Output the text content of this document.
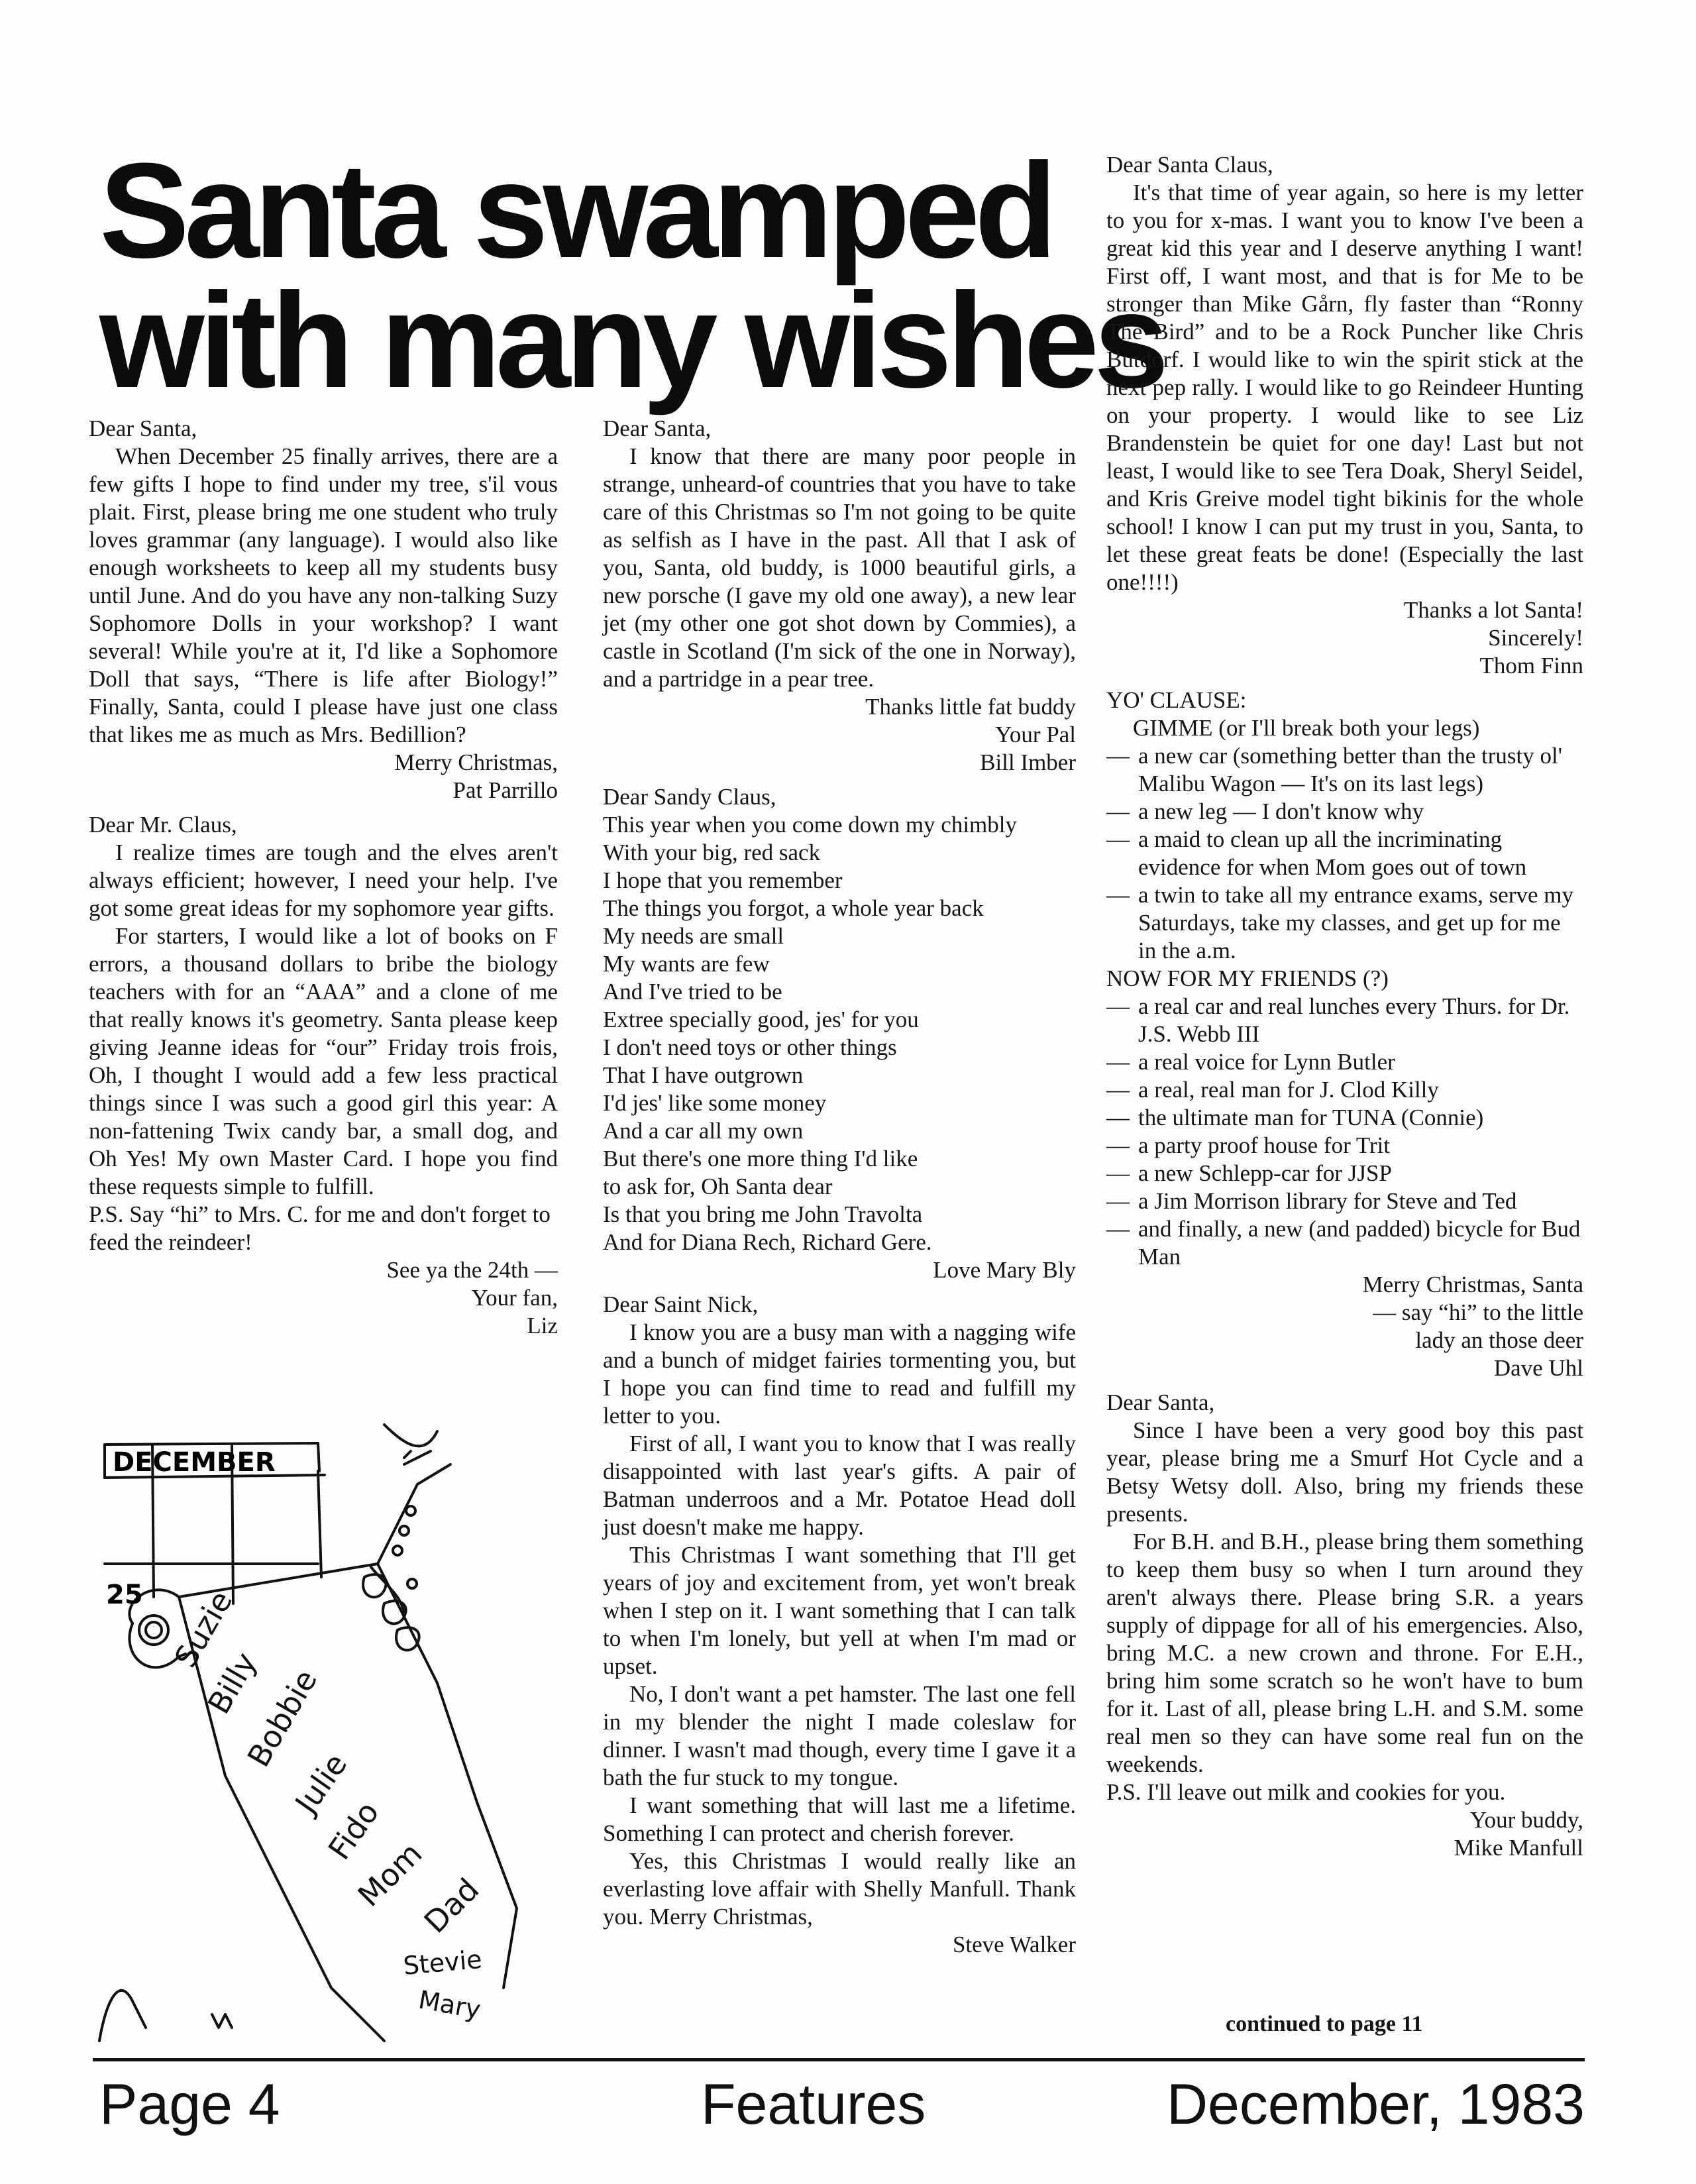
Santa swamped
with many wishes

Dear Santa,

When December 25 finally arrives, there are a few gifts I hope to find under my tree, s'il vous plait. First, please bring me one student who truly loves grammar (any language). I would also like enough worksheets to keep all my students busy until June. And do you have any non-talking Suzy Sophomore Dolls in your workshop? I want several! While you're at it, I'd like a Sophomore Doll that says, “There is life after Biology!” Finally, Santa, could I please have just one class that likes me as much as Mrs. Bedillion?

Merry Christmas,

Pat Parrillo

Dear Mr. Claus,

I realize times are tough and the elves aren't always efficient; however, I need your help. I've got some great ideas for my sophomore year gifts.

For starters, I would like a lot of books on F errors, a thousand dollars to bribe the biology teachers with for an “AAA” and a clone of me that really knows it's geometry. Santa please keep giving Jeanne ideas for “our” Friday trois frois, Oh, I thought I would add a few less practical things since I was such a good girl this year: A non-fattening Twix candy bar, a small dog, and Oh Yes! My own Master Card. I hope you find these requests simple to fulfill.

P.S. Say “hi” to Mrs. C. for me and don't forget to feed the reindeer!

See ya the 24th —

Your fan,

Liz

DECEMBER
25 Suzie
Billy
Bobbie
Julie
Fido
Mom
Dad
Stevie
Mary

Dear Santa,

I know that there are many poor people in strange, unheard-of countries that you have to take care of this Christmas so I'm not going to be quite as selfish as I have in the past. All that I ask of you, Santa, old buddy, is 1000 beautiful girls, a new porsche (I gave my old one away), a new lear jet (my other one got shot down by Commies), a castle in Scotland (I'm sick of the one in Norway), and a partridge in a pear tree.

Thanks little fat buddy

Your Pal

Bill Imber

Dear Sandy Claus,

This year when you come down my chimbly

With your big, red sack

I hope that you remember

The things you forgot, a whole year back

My needs are small

My wants are few

And I've tried to be

Extree specially good, jes' for you

I don't need toys or other things

That I have outgrown

I'd jes' like some money

And a car all my own

But there's one more thing I'd like

to ask for, Oh Santa dear

Is that you bring me John Travolta

And for Diana Rech, Richard Gere.

Love Mary Bly

Dear Saint Nick,

I know you are a busy man with a nagging wife and a bunch of midget fairies tormenting you, but I hope you can find time to read and fulfill my letter to you.

First of all, I want you to know that I was really disappointed with last year's gifts. A pair of Batman underroos and a Mr. Potatoe Head doll just doesn't make me happy.

This Christmas I want something that I'll get years of joy and excitement from, yet won't break when I step on it. I want something that I can talk to when I'm lonely, but yell at when I'm mad or upset.

No, I don't want a pet hamster. The last one fell in my blender the night I made coleslaw for dinner. I wasn't mad though, every time I gave it a bath the fur stuck to my tongue.

I want something that will last me a lifetime. Something I can protect and cherish forever.

Yes, this Christmas I would really like an everlasting love affair with Shelly Manfull. Thank you. Merry Christmas,

Steve Walker

Dear Santa Claus,

It's that time of year again, so here is my letter to you for x-mas. I want you to know I've been a great kid this year and I deserve anything I want! First off, I want most, and that is for Me to be stronger than Mike Gårn, fly faster than “Ronny The Bird” and to be a Rock Puncher like Chris Butdorf. I would like to win the spirit stick at the next pep rally. I would like to go Reindeer Hunting on your property. I would like to see Liz Brandenstein be quiet for one day! Last but not least, I would like to see Tera Doak, Sheryl Seidel, and Kris Greive model tight bikinis for the whole school! I know I can put my trust in you, Santa, to let these great feats be done! (Especially the last one!!!!)

Thanks a lot Santa!

Sincerely!

Thom Finn

YO' CLAUSE:

GIMME (or I'll break both your legs)

— a new car (something better than the trusty ol' Malibu Wagon — It's on its last legs)

— a new leg — I don't know why

— a maid to clean up all the incriminating evidence for when Mom goes out of town

— a twin to take all my entrance exams, serve my Saturdays, take my classes, and get up for me in the a.m.

NOW FOR MY FRIENDS (?)

— a real car and real lunches every Thurs. for Dr. J.S. Webb III

— a real voice for Lynn Butler

— a real, real man for J. Clod Killy

— the ultimate man for TUNA (Connie)

— a party proof house for Trit

— a new Schlepp-car for JJSP

— a Jim Morrison library for Steve and Ted

— and finally, a new (and padded) bicycle for Bud Man

Merry Christmas, Santa

— say “hi” to the little

lady an those deer

Dave Uhl

Dear Santa,

Since I have been a very good boy this past year, please bring me a Smurf Hot Cycle and a Betsy Wetsy doll. Also, bring my friends these presents.

For B.H. and B.H., please bring them something to keep them busy so when I turn around they aren't always there. Please bring S.R. a years supply of dippage for all of his emergencies. Also, bring M.C. a new crown and throne. For E.H., bring him some scratch so he won't have to bum for it. Last of all, please bring L.H. and S.M. some real men so they can have some real fun on the weekends.

P.S. I'll leave out milk and cookies for you.

Your buddy,

Mike Manfull

continued to page 11
Page 4	Features	December, 1983
